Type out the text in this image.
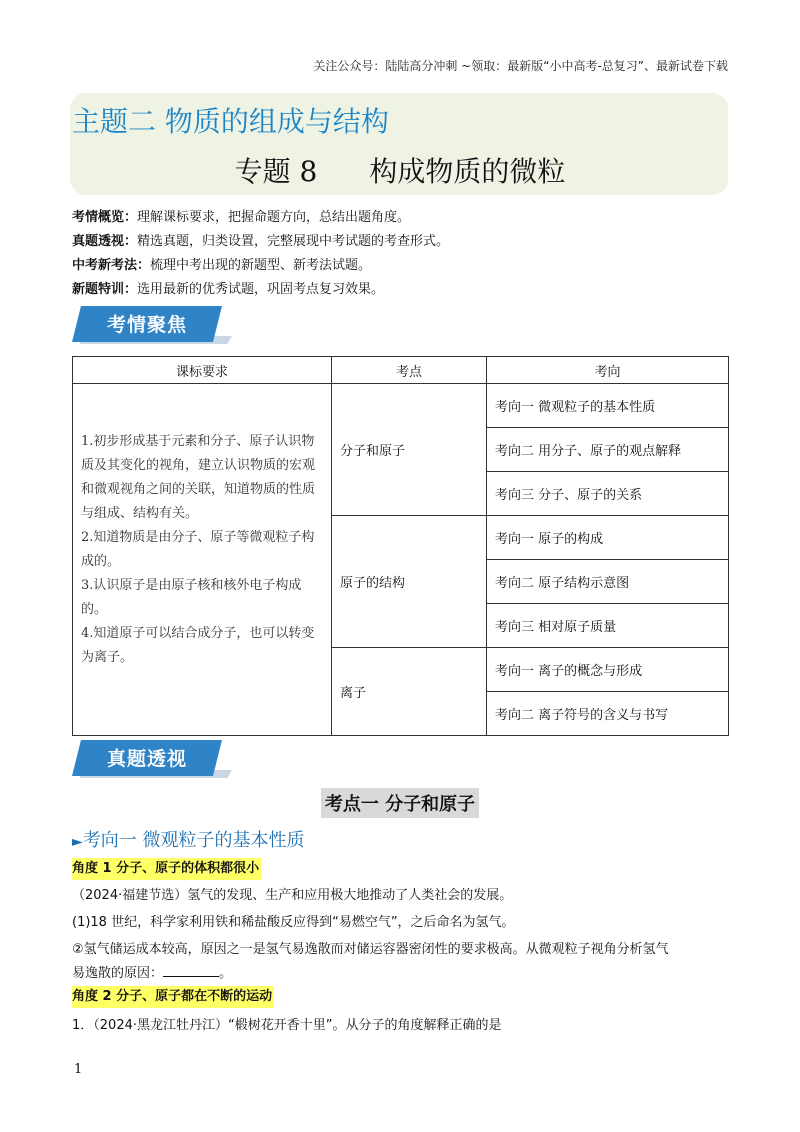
关注公众号：陆陆高分冲刺 ~领取：最新版“小中高考-总复习”、最新试卷下载
主题二 物质的组成与结构
专题 8 构成物质的微粒
考情概览：理解课标要求，把握命题方向，总结出题角度。
真题透视：精选真题，归类设置，完整展现中考试题的考查形式。
中考新考法：梳理中考出现的新题型、新考法试题。
新题特训：选用最新的优秀试题，巩固考点复习效果。
考情聚焦
课标要求	考点	考向

1.初步形成基于元素和分子、原子认识物质及其变化的视角，建立认识物质的宏观和微观视角之间的关联，知道物质的性质与组成、结构有关。

2.知道物质是由分子、原子等微观粒子构成的。

3.认识原子是由原子核和核外电子构成的。

4.知道原子可以结合成分子，也可以转变为离子。	分子和原子	考向一 微观粒子的基本性质
		考向二 用分子、原子的观点解释
		考向三 分子、原子的关系
	原子的结构	考向一 原子的构成
		考向二 原子结构示意图
		考向三 相对原子质量
	离子	考向一 离子的概念与形成
		考向二 离子符号的含义与书写
真题透视
考点一 分子和原子
►考向一 微观粒子的基本性质
角度 1 分子、原子的体积都很小
（2024·福建节选）氢气的发现、生产和应用极大地推动了人类社会的发展。
(1)18 世纪，科学家利用铁和稀盐酸反应得到“易燃空气”，之后命名为氢气。
②氢气储运成本较高，原因之一是氢气易逸散而对储运容器密闭性的要求极高。从微观粒子视角分析氢气
易逸散的原因：	。
角度 2 分子、原子都在不断的运动
1．（2024·黑龙江牡丹江）“椴树花开香十里”。从分子的角度解释正确的是
1
